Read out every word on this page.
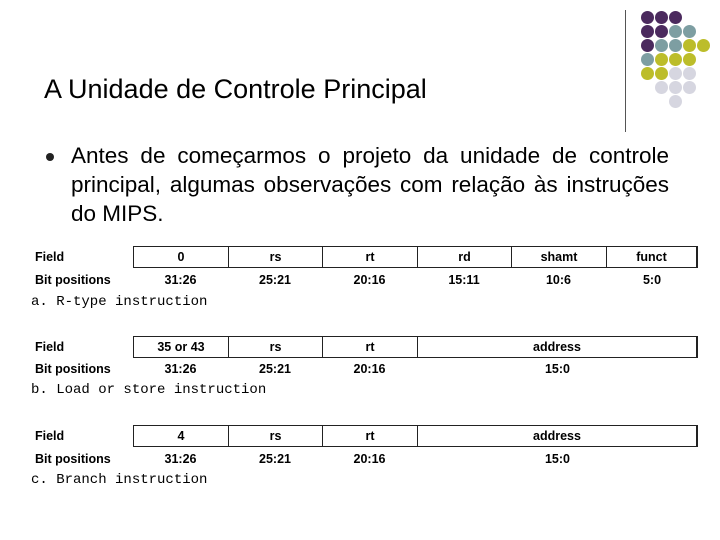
A Unidade de Controle Principal
Antes de começarmos o projeto da unidade de controle principal, algumas observações com relação às instruções do MIPS.
Field	0	rs	rt	rd	shamt	funct
Bit positions	31:26	25:21	20:16	15:11	10:6	5:0
a. R-type instruction
Field	35 or 43	rs	rt	address
Bit positions	31:26	25:21	20:16	15:0
b. Load or store instruction
Field	4	rs	rt	address
Bit positions	31:26	25:21	20:16	15:0
c. Branch instruction
